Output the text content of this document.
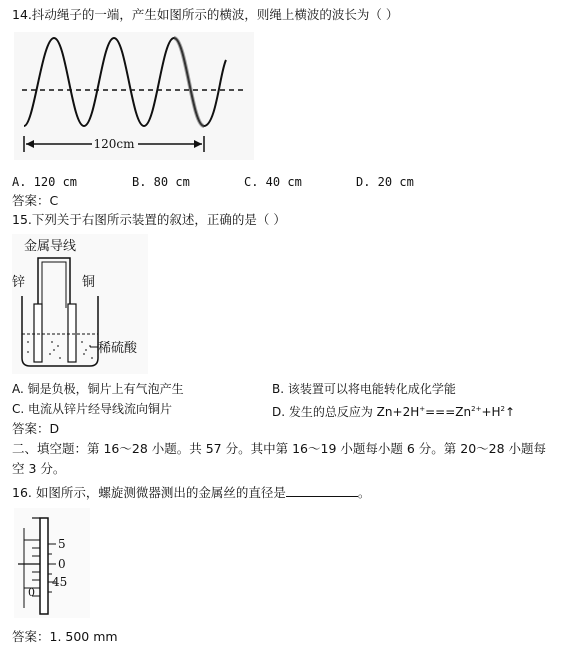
14.抖动绳子的一端，产生如图所示的横波，则绳上横波的波长为（ ）
120cm
A. 120 cm	B. 80 cm	C. 40 cm	D. 20 cm
答案：C
15.下列关于右图所示装置的叙述，正确的是（ ）
金属导线
锌	铜
稀硫酸
A. 铜是负极，铜片上有气泡产生	B. 该装置可以将电能转化成化学能
C. 电流从锌片经导线流向铜片	D. 发生的总反应为 $Zn+2H^+===Zn^{2+}+H^2↑$
答案：D
二、填空题：第 16～28 小题。共 57 分。其中第 16～19 小题每小题 6 分。第 20～28 小题每
空 3 分。
16. 如图所示，螺旋测微器测出的金属丝的直径是	。
5
0
45
0
答案：1. 500 mm
